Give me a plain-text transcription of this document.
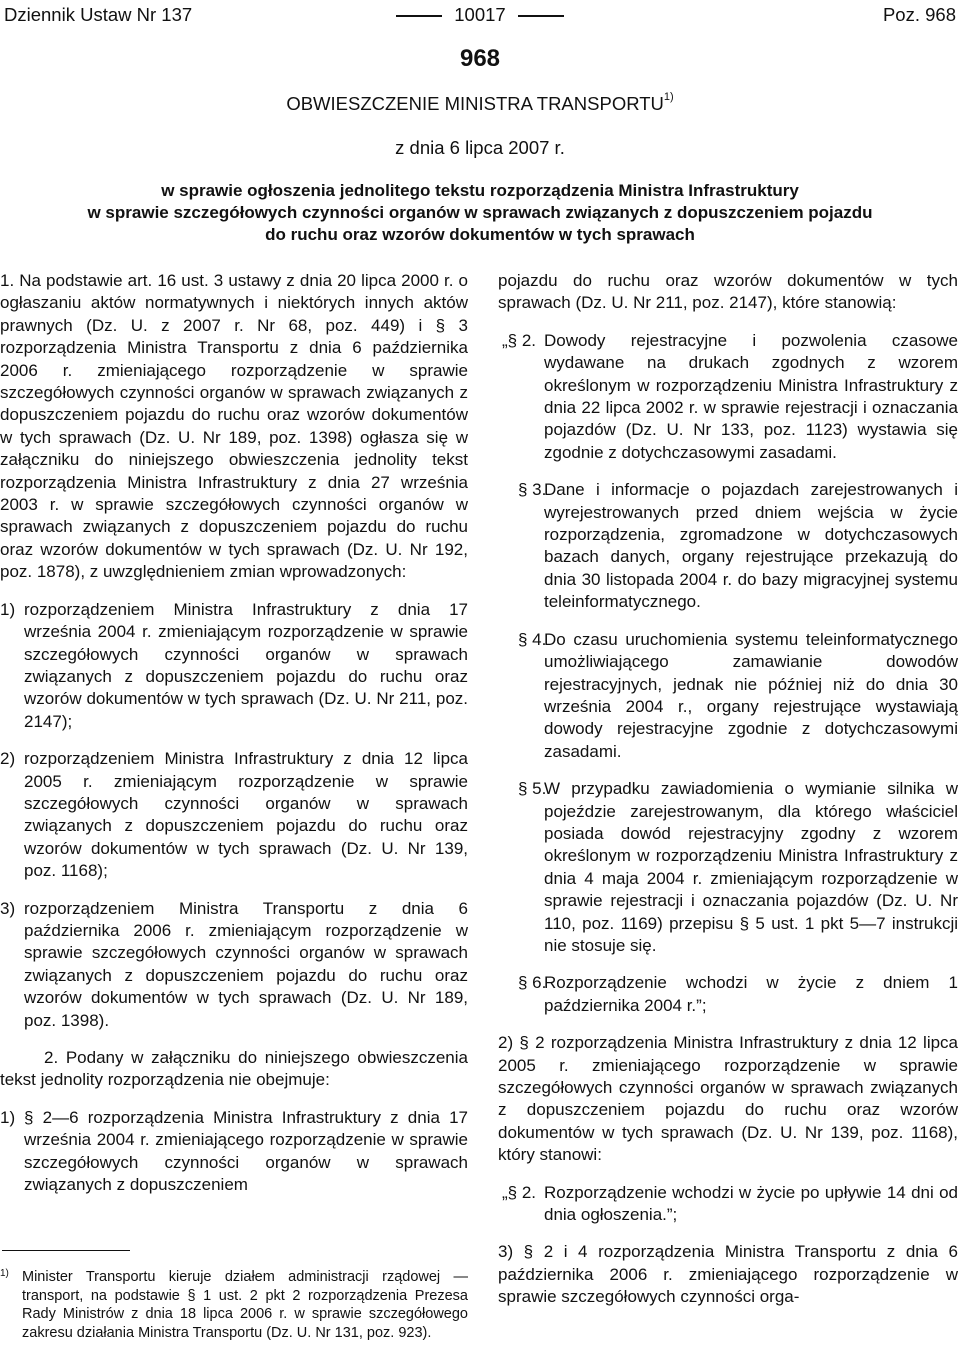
Dziennik Ustaw Nr 137	10017	Poz. 968
968
OBWIESZCZENIE MINISTRA TRANSPORTU$^{1)}$
z dnia 6 lipca 2007 r.
w sprawie ogłoszenia jednolitego tekstu rozporządzenia Ministra Infrastruktury
w sprawie szczegółowych czynności organów w sprawach związanych z dopuszczeniem pojazdu
do ruchu oraz wzorów dokumentów w tych sprawach

1. Na podstawie art. 16 ust. 3 ustawy z dnia 20 lipca 2000 r. o ogłaszaniu aktów normatywnych i niektórych innych aktów prawnych (Dz. U. z 2007 r. Nr 68, poz. 449) i § 3 rozporządzenia Ministra Transportu z dnia 6 października 2006 r. zmieniającego rozporządzenie w sprawie szczegółowych czynności organów w sprawach związanych z dopuszczeniem pojazdu do ruchu oraz wzorów dokumentów w tych sprawach (Dz. U. Nr 189, poz. 1398) ogłasza się w załączniku do niniejszego obwieszczenia jednolity tekst rozporządzenia Ministra Infrastruktury z dnia 27 września 2003 r. w sprawie szczegółowych czynności organów w sprawach związanych z dopuszczeniem pojazdu do ruchu oraz wzorów dokumentów w tych sprawach (Dz. U. Nr 192, poz. 1878), z uwzględnieniem zmian wprowadzonych:

1) rozporządzeniem Ministra Infrastruktury z dnia 17 września 2004 r. zmieniającym rozporządzenie w sprawie szczegółowych czynności organów w sprawach związanych z dopuszczeniem pojazdu do ruchu oraz wzorów dokumentów w tych sprawach (Dz. U. Nr 211, poz. 2147);

2) rozporządzeniem Ministra Infrastruktury z dnia 12 lipca 2005 r. zmieniającym rozporządzenie w sprawie szczegółowych czynności organów w sprawach związanych z dopuszczeniem pojazdu do ruchu oraz wzorów dokumentów w tych sprawach (Dz. U. Nr 139, poz. 1168);

3) rozporządzeniem Ministra Transportu z dnia 6 października 2006 r. zmieniającym rozporządzenie w sprawie szczegółowych czynności organów w sprawach związanych z dopuszczeniem pojazdu do ruchu oraz wzorów dokumentów w tych sprawach (Dz. U. Nr 189, poz. 1398).

2. Podany w załączniku do niniejszego obwieszczenia tekst jednolity rozporządzenia nie obejmuje:

1) § 2—6 rozporządzenia Ministra Infrastruktury z dnia 17 września 2004 r. zmieniającego rozporządzenie w sprawie szczegółowych czynności organów w sprawach związanych z dopuszczeniem

pojazdu do ruchu oraz wzorów dokumentów w tych sprawach (Dz. U. Nr 211, poz. 2147), które stanowią:

„§ 2. Dowody rejestracyjne i pozwolenia czasowe wydawane na drukach zgodnych z wzorem określonym w rozporządzeniu Ministra Infrastruktury z dnia 22 lipca 2002 r. w sprawie rejestracji i oznaczania pojazdów (Dz. U. Nr 133, poz. 1123) wystawia się zgodnie z dotychczasowymi zasadami.

§ 3.

Dane i informacje o pojazdach zarejestrowanych i wyrejestrowanych przed dniem wejścia w życie rozporządzenia, zgromadzone w dotychczasowych bazach danych, organy rejestrujące przekazują do dnia 30 listopada 2004 r. do bazy migracyjnej systemu teleinformatycznego.

§ 4.

Do czasu uruchomienia systemu teleinformatycznego umożliwiającego zamawianie dowodów rejestracyjnych, jednak nie później niż do dnia 30 września 2004 r., organy rejestrujące wystawiają dowody rejestracyjne zgodnie z dotychczasowymi zasadami.

§ 5.

W przypadku zawiadomienia o wymianie silnika w pojeździe zarejestrowanym, dla którego właściciel posiada dowód rejestracyjny zgodny z wzorem określonym w rozporządzeniu Ministra Infrastruktury z dnia 4 maja 2004 r. zmieniającym rozporządzenie w sprawie rejestracji i oznaczania pojazdów (Dz. U. Nr 110, poz. 1169) przepisu § 5 ust. 1 pkt 5—7 instrukcji nie stosuje się.

§ 6.

Rozporządzenie wchodzi w życie z dniem 1 października 2004 r.”;

2) § 2 rozporządzenia Ministra Infrastruktury z dnia 12 lipca 2005 r. zmieniającego rozporządzenie w sprawie szczegółowych czynności organów w sprawach związanych z dopuszczeniem pojazdu do ruchu oraz wzorów dokumentów w tych sprawach (Dz. U. Nr 139, poz. 1168), który stanowi:

„§ 2. Rozporządzenie wchodzi w życie po upływie 14 dni od dnia ogłoszenia.”;

3) § 2 i 4 rozporządzenia Ministra Transportu z dnia 6 października 2006 r. zmieniającego rozporządzenie w sprawie szczegółowych czynności orga-

1) Minister Transportu kieruje działem administracji rządowej — transport, na podstawie § 1 ust. 2 pkt 2 rozporządzenia Prezesa Rady Ministrów z dnia 18 lipca 2006 r. w sprawie szczegółowego zakresu działania Ministra Transportu (Dz. U. Nr 131, poz. 923).
